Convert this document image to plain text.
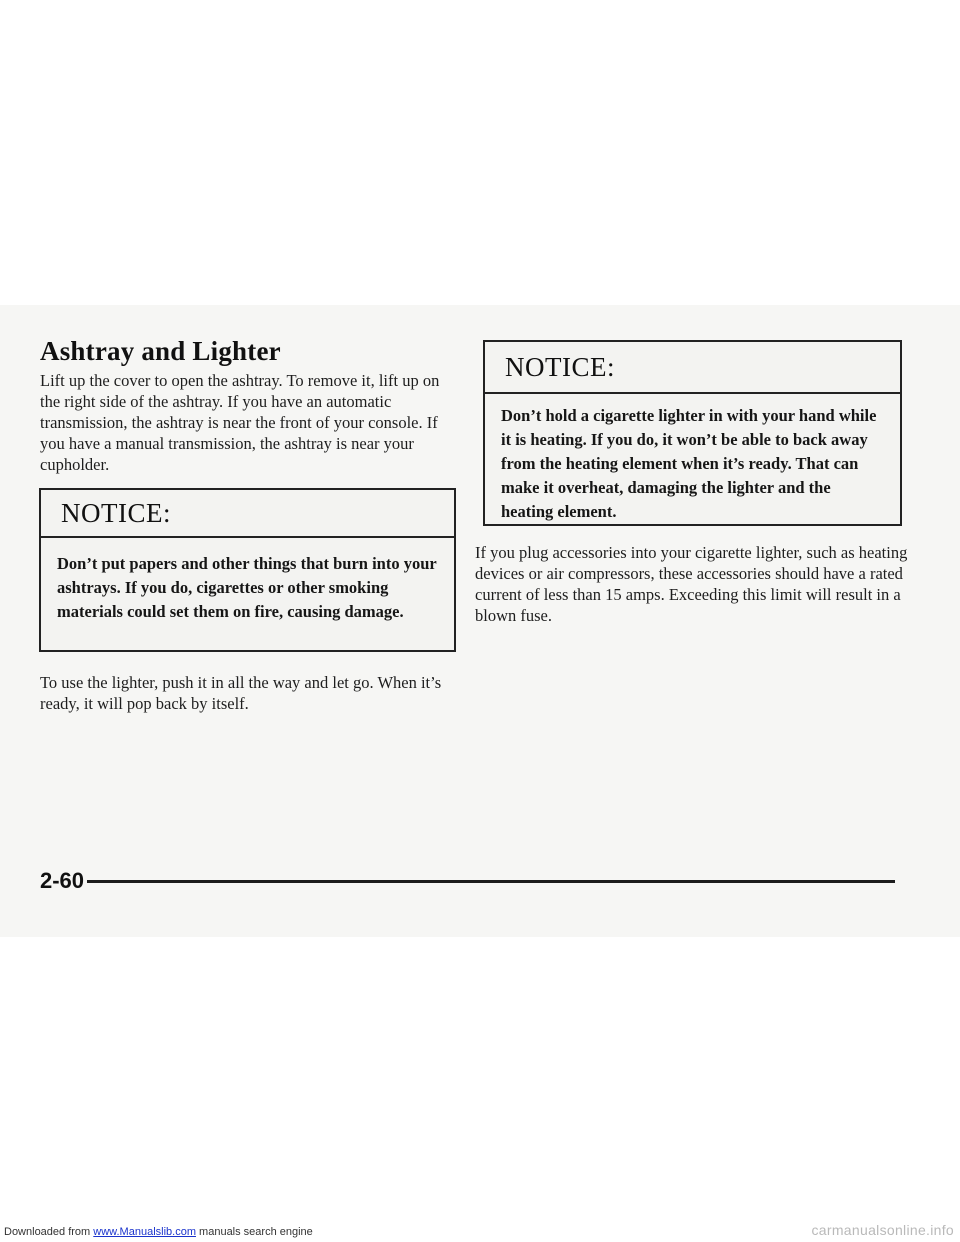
Ashtray and Lighter

Lift up the cover to open the ashtray. To remove it, lift up on the right side of the ashtray. If you have an automatic transmission, the ashtray is near the front of your console. If you have a manual transmission, the ashtray is near your cupholder.

NOTICE:
Don’t put papers and other things that burn into your ashtrays. If you do, cigarettes or other smoking materials could set them on fire, causing damage.

To use the lighter, push it in all the way and let go. When it’s ready, it will pop back by itself.

NOTICE:
Don’t hold a cigarette lighter in with your hand while it is heating. If you do, it won’t be able to back away from the heating element when it’s ready. That can make it overheat, damaging the lighter and the heating element.

If you plug accessories into your cigarette lighter, such as heating devices or air compressors, these accessories should have a rated current of less than 15 amps. Exceeding this limit will result in a blown fuse.

2-60

Downloaded from www.Manualslib.com manuals search engine	carmanualsonline.info
